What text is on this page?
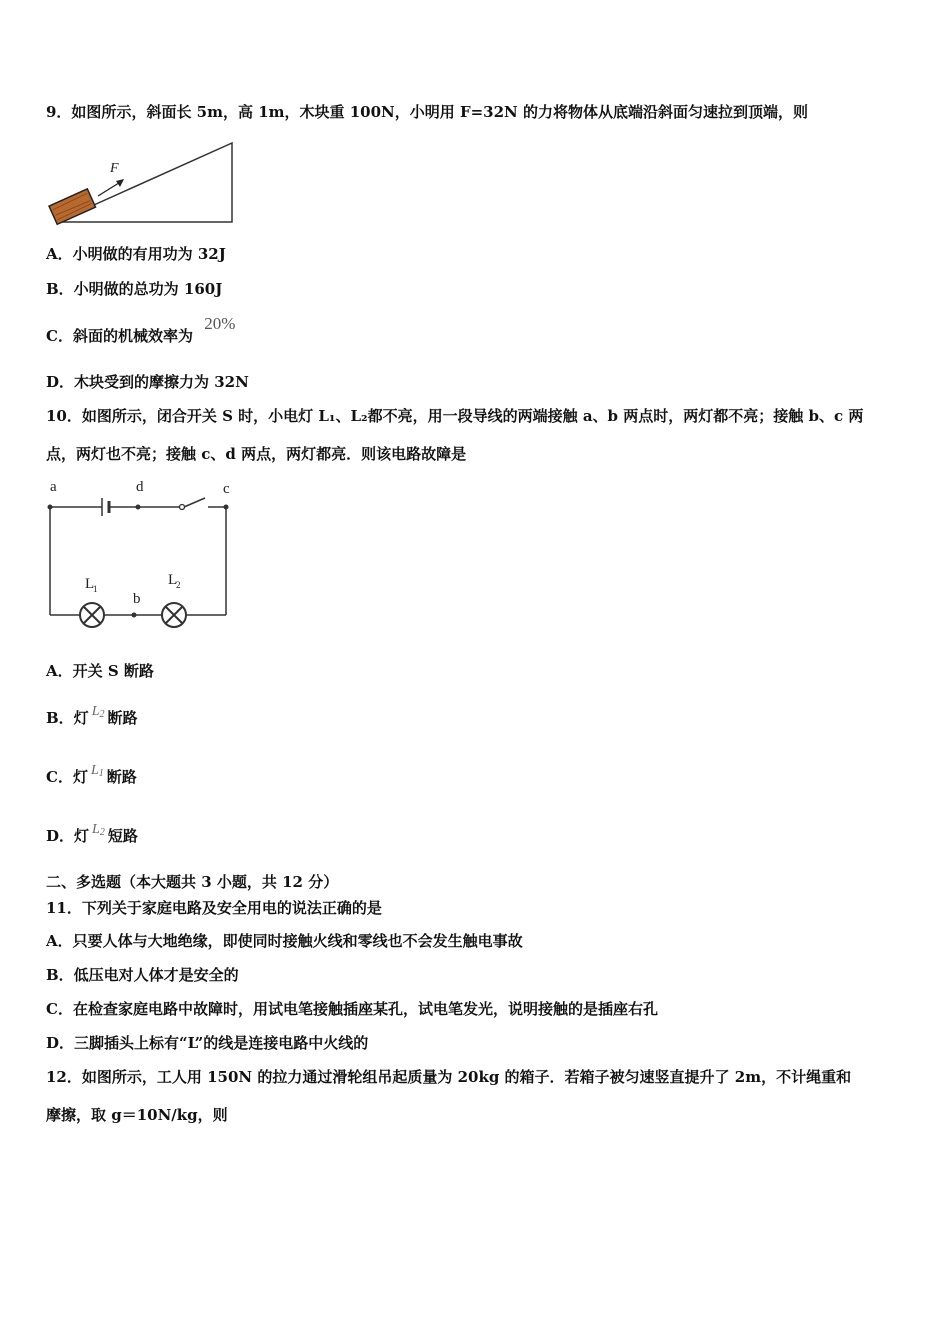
9．如图所示，斜面长 5m，高 1m，木块重 100N，小明用 F=32N 的力将物体从底端沿斜面匀速拉到顶端，则
F
A．小明做的有用功为 32J
B．小明做的总功为 160J
C．斜面的机械效率为 20%
D．木块受到的摩擦力为 32N
10．如图所示，闭合开关 S 时，小电灯 L₁、L₂都不亮，用一段导线的两端接触 a、b 两点时，两灯都不亮；接触 b、c 两
点，两灯也不亮；接触 c、d 两点，两灯都亮．则该电路故障是
a	d	c
b
L
1
L
2
A．开关 S 断路
B．灯 $L_2$ 断路
C．灯 $L_1$ 断路
D．灯 $L_2$ 短路
二、多选题（本大题共 3 小题，共 12 分）
11．下列关于家庭电路及安全用电的说法正确的是
A．只要人体与大地绝缘，即使同时接触火线和零线也不会发生触电事故
B．低压电对人体才是安全的
C．在检查家庭电路中故障时，用试电笔接触插座某孔，试电笔发光，说明接触的是插座右孔
D．三脚插头上标有“L”的线是连接电路中火线的
12．如图所示，工人用 150N 的拉力通过滑轮组吊起质量为 20kg 的箱子．若箱子被匀速竖直提升了 2m，不计绳重和
摩擦，取 g＝10N/kg，则
